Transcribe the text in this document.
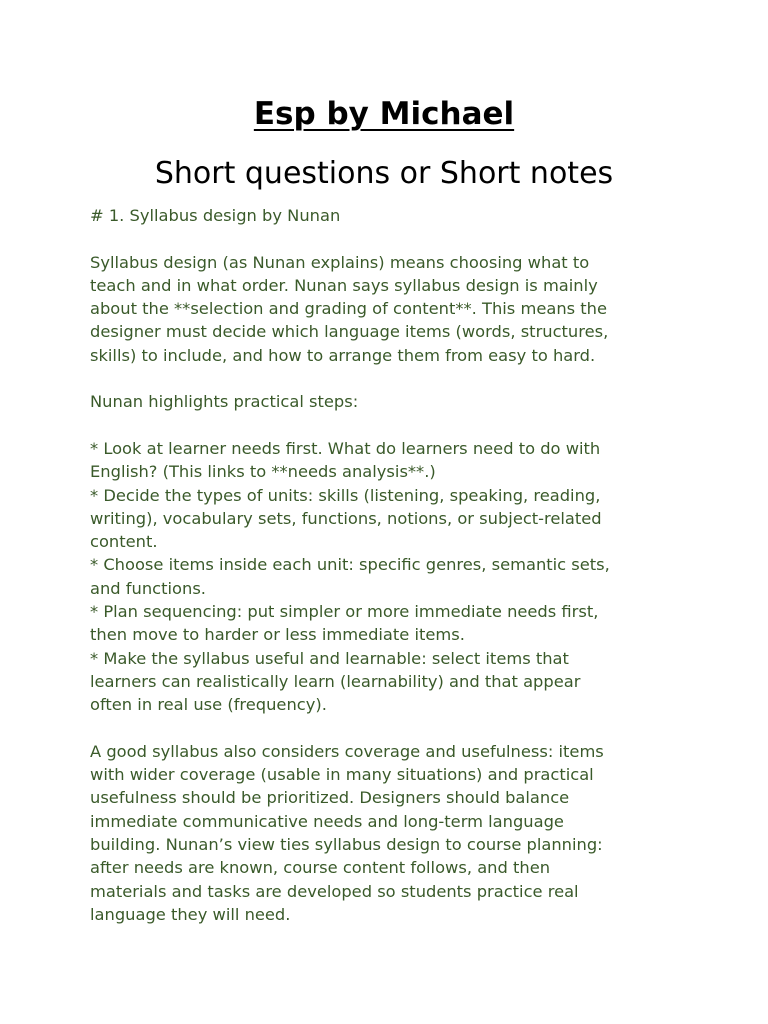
Esp by Michael
Short questions or Short notes
# 1. Syllabus design by Nunan
Syllabus design (as Nunan explains) means choosing what to
teach and in what order. Nunan says syllabus design is mainly
about the **selection and grading of content**. This means the
designer must decide which language items (words, structures,
skills) to include, and how to arrange them from easy to hard.
Nunan highlights practical steps:
* Look at learner needs first. What do learners need to do with
English? (This links to **needs analysis**.)
* Decide the types of units: skills (listening, speaking, reading,
writing), vocabulary sets, functions, notions, or subject-related
content.
* Choose items inside each unit: specific genres, semantic sets,
and functions.
* Plan sequencing: put simpler or more immediate needs first,
then move to harder or less immediate items.
* Make the syllabus useful and learnable: select items that
learners can realistically learn (learnability) and that appear
often in real use (frequency).
A good syllabus also considers coverage and usefulness: items
with wider coverage (usable in many situations) and practical
usefulness should be prioritized. Designers should balance
immediate communicative needs and long-term language
building. Nunan’s view ties syllabus design to course planning:
after needs are known, course content follows, and then
materials and tasks are developed so students practice real
language they will need.
